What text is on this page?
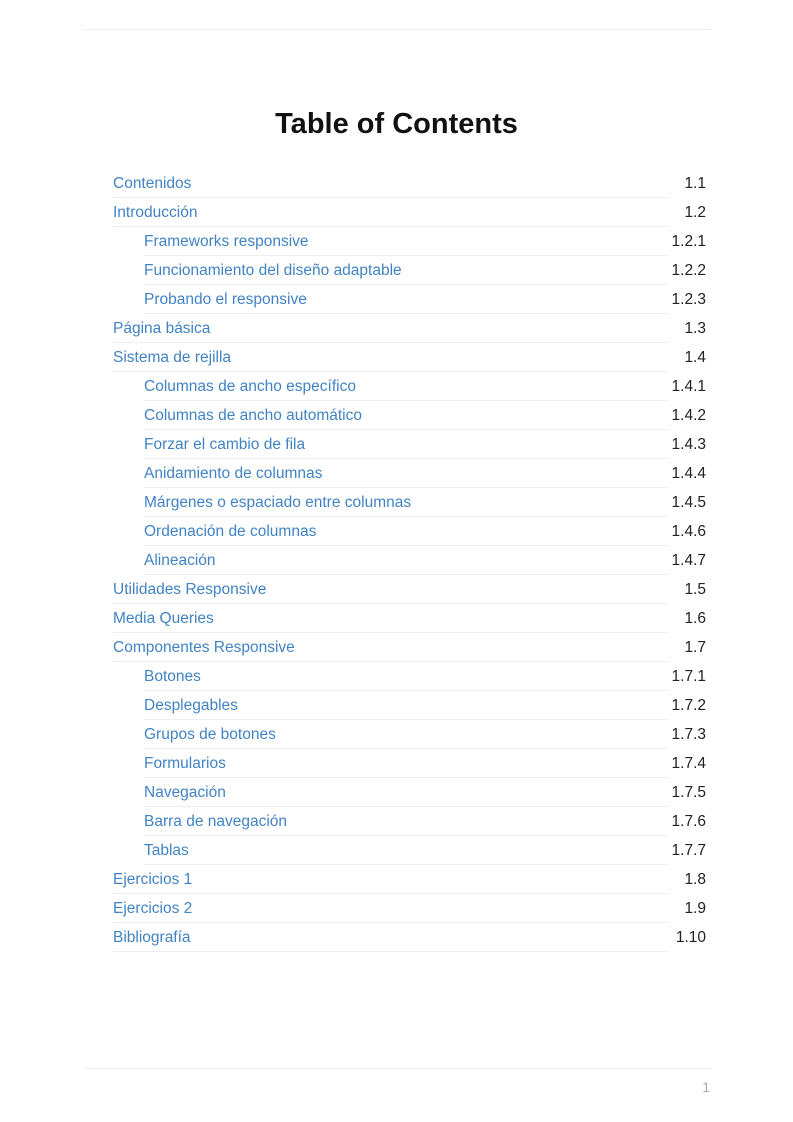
Table of Contents
Contenidos	1.1
Introducción	1.2
Frameworks responsive	1.2.1
Funcionamiento del diseño adaptable	1.2.2
Probando el responsive	1.2.3
Página básica	1.3
Sistema de rejilla	1.4
Columnas de ancho específico	1.4.1
Columnas de ancho automático	1.4.2
Forzar el cambio de fila	1.4.3
Anidamiento de columnas	1.4.4
Márgenes o espaciado entre columnas	1.4.5
Ordenación de columnas	1.4.6
Alineación	1.4.7
Utilidades Responsive	1.5
Media Queries	1.6
Componentes Responsive	1.7
Botones	1.7.1
Desplegables	1.7.2
Grupos de botones	1.7.3
Formularios	1.7.4
Navegación	1.7.5
Barra de navegación	1.7.6
Tablas	1.7.7
Ejercicios 1	1.8
Ejercicios 2	1.9
Bibliografía	1.10
1
